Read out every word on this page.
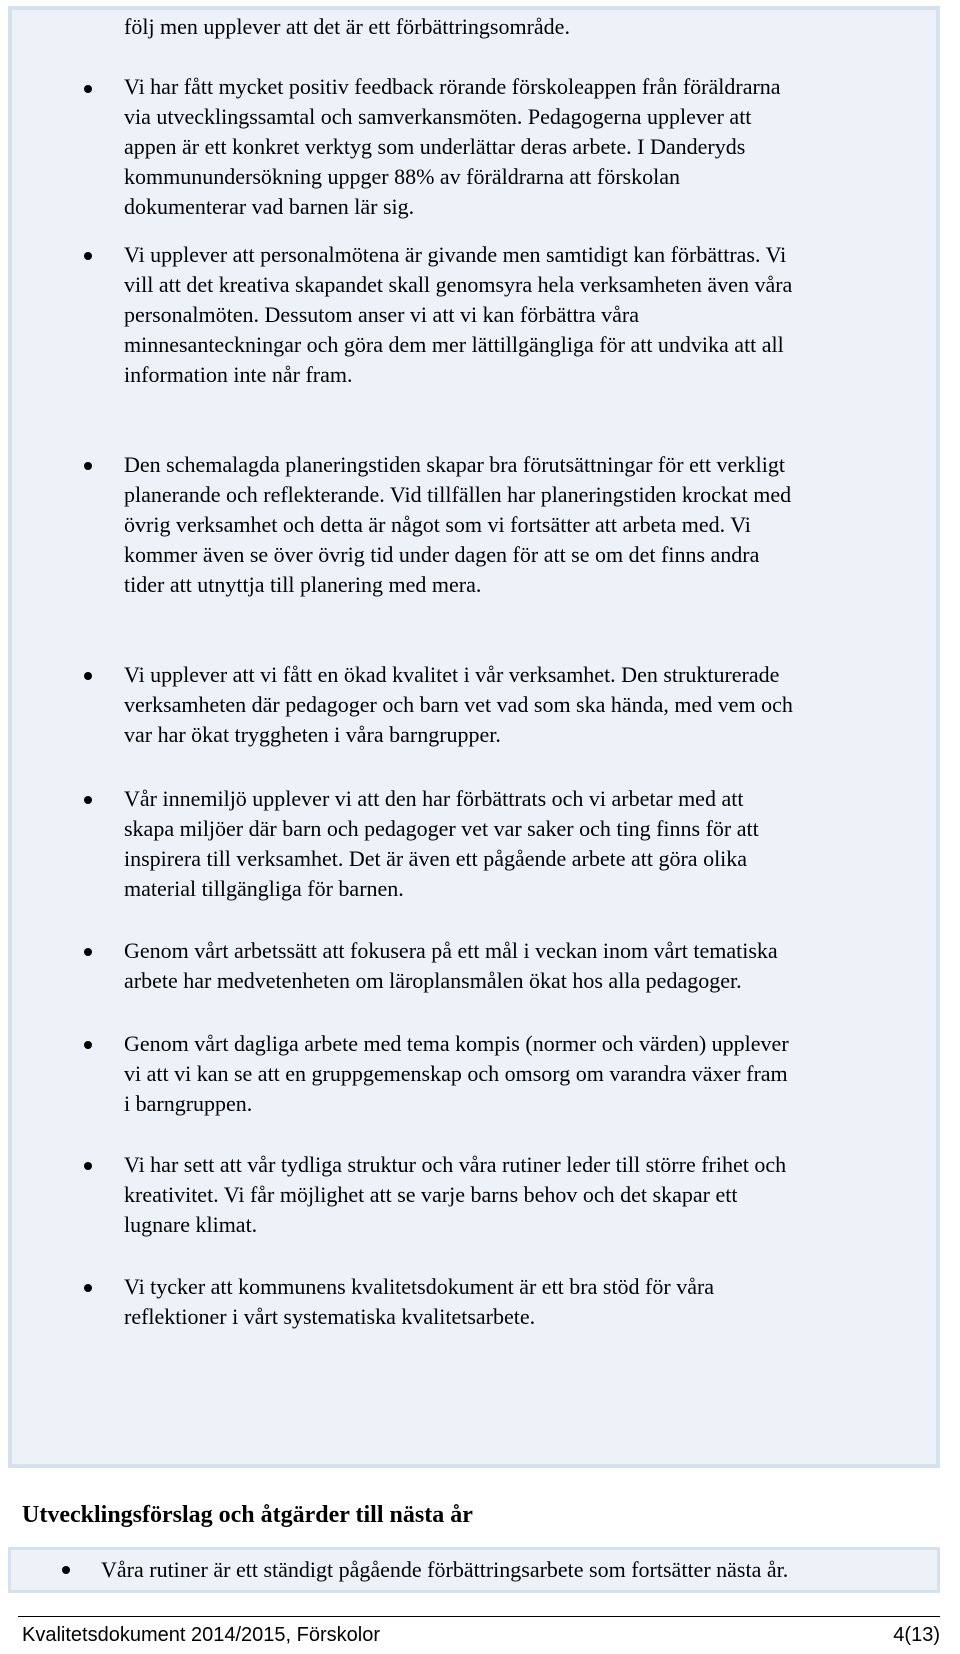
följ men upplever att det är ett förbättringsområde.
Vi har fått mycket positiv feedback rörande förskoleappen från föräldrarna
via utvecklingssamtal och samverkansmöten. Pedagogerna upplever att
appen är ett konkret verktyg som underlättar deras arbete. I Danderyds
kommunundersökning uppger 88% av föräldrarna att förskolan
dokumenterar vad barnen lär sig.
Vi upplever att personalmötena är givande men samtidigt kan förbättras. Vi
vill att det kreativa skapandet skall genomsyra hela verksamheten även våra
personalmöten. Dessutom anser vi att vi kan förbättra våra
minnesanteckningar och göra dem mer lättillgängliga för att undvika att all
information inte når fram.
Den schemalagda planeringstiden skapar bra förutsättningar för ett verkligt
planerande och reflekterande. Vid tillfällen har planeringstiden krockat med
övrig verksamhet och detta är något som vi fortsätter att arbeta med. Vi
kommer även se över övrig tid under dagen för att se om det finns andra
tider att utnyttja till planering med mera.
Vi upplever att vi fått en ökad kvalitet i vår verksamhet. Den strukturerade
verksamheten där pedagoger och barn vet vad som ska hända, med vem och
var har ökat tryggheten i våra barngrupper.
Vår innemiljö upplever vi att den har förbättrats och vi arbetar med att
skapa miljöer där barn och pedagoger vet var saker och ting finns för att
inspirera till verksamhet. Det är även ett pågående arbete att göra olika
material tillgängliga för barnen.
Genom vårt arbetssätt att fokusera på ett mål i veckan inom vårt tematiska
arbete har medvetenheten om läroplansmålen ökat hos alla pedagoger.
Genom vårt dagliga arbete med tema kompis (normer och värden) upplever
vi att vi kan se att en gruppgemenskap och omsorg om varandra växer fram
i barngruppen.
Vi har sett att vår tydliga struktur och våra rutiner leder till större frihet och
kreativitet. Vi får möjlighet att se varje barns behov och det skapar ett
lugnare klimat.
Vi tycker att kommunens kvalitetsdokument är ett bra stöd för våra
reflektioner i vårt systematiska kvalitetsarbete.
Utvecklingsförslag och åtgärder till nästa år
Våra rutiner är ett ständigt pågående förbättringsarbete som fortsätter nästa år.
Kvalitetsdokument 2014/2015, Förskolor	4(13)
